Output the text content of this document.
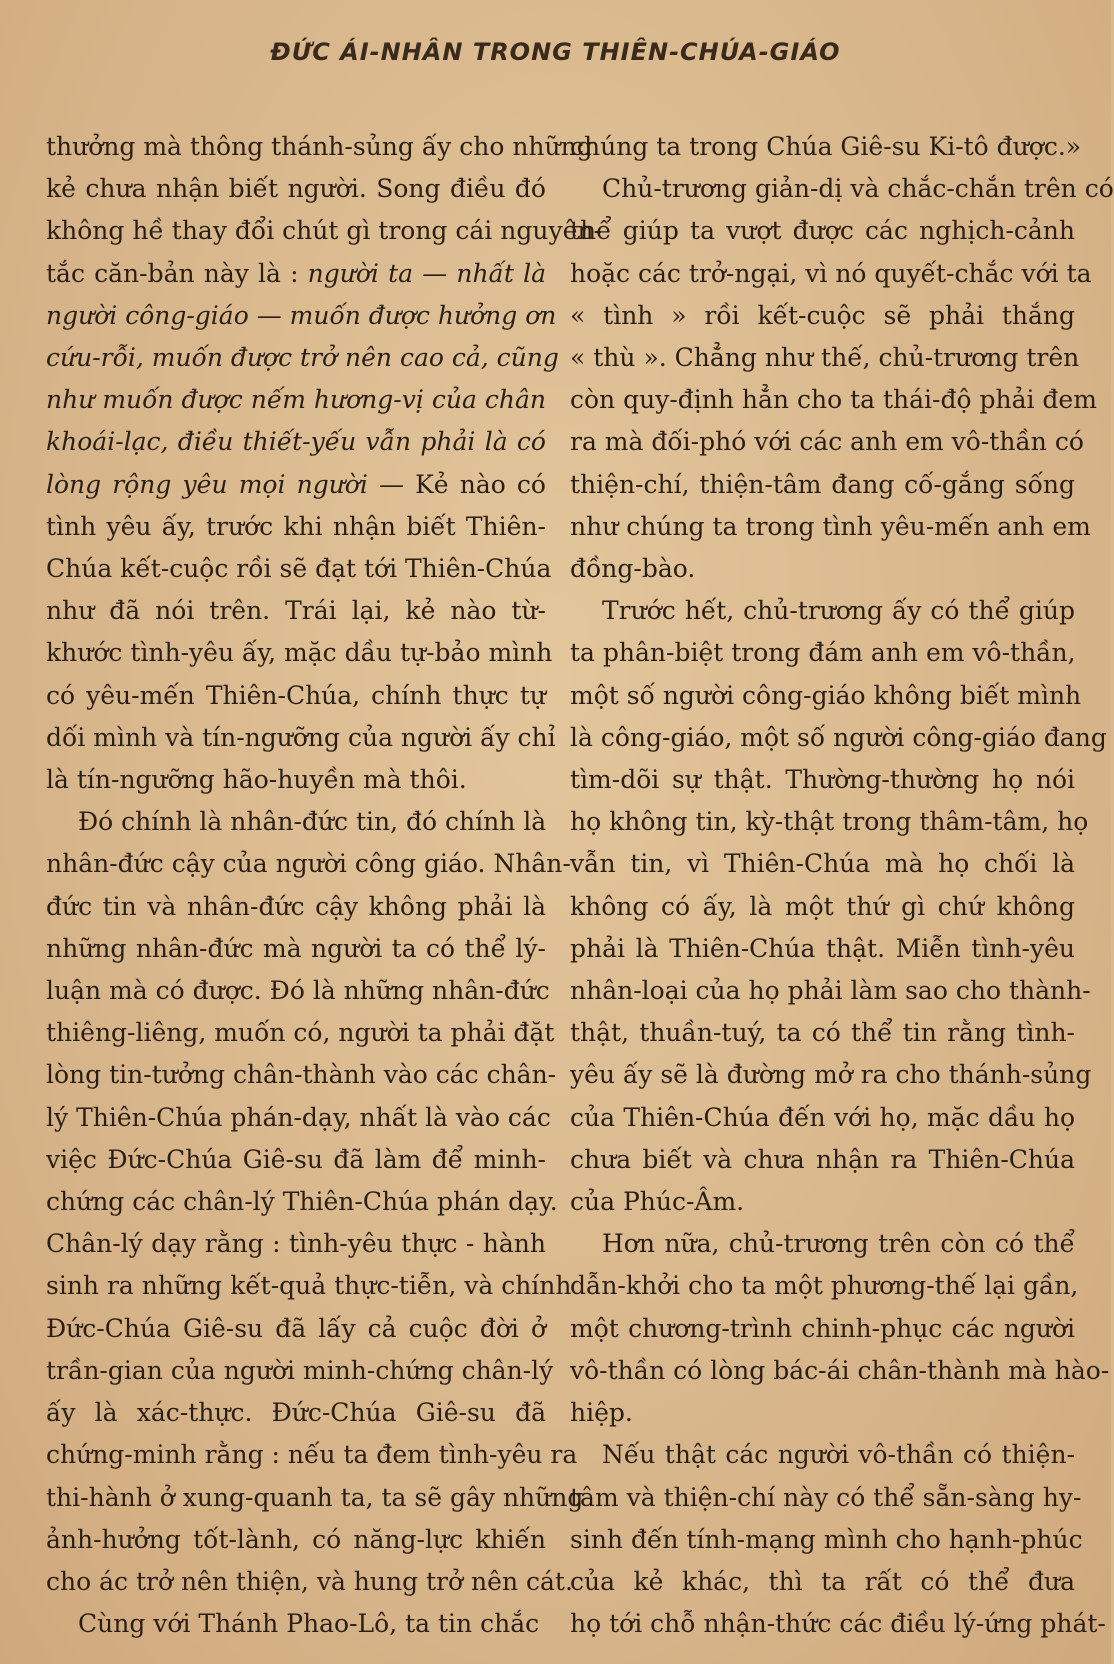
ĐỨC ÁI-NHÂN TRONG THIÊN-CHÚA-GIÁO
thưởng mà thông thánh-sủng ấy cho những
kẻ chưa nhận biết người. Song điều đó
không hề thay đổi chút gì trong cái nguyên-
tắc căn-bản này là : người ta — nhất là
người công-giáo — muốn được hưởng ơn
cứu-rỗi, muốn được trở nên cao cả, cũng
như muốn được nếm hương-vị của chân
khoái-lạc, điều thiết-yếu vẫn phải là có
lòng rộng yêu mọi người — Kẻ nào có
tình yêu ấy, trước khi nhận biết Thiên-
Chúa kết-cuộc rồi sẽ đạt tới Thiên-Chúa
như đã nói trên. Trái lại, kẻ nào từ-
khước tình-yêu ấy, mặc dầu tự-bảo mình
có yêu-mến Thiên-Chúa, chính thực tự
dối mình và tín-ngưỡng của người ấy chỉ
là tín-ngưỡng hão-huyền mà thôi.
Đó chính là nhân-đức tin, đó chính là
nhân-đức cậy của người công giáo. Nhân-
đức tin và nhân-đức cậy không phải là
những nhân-đức mà người ta có thể lý-
luận mà có được. Đó là những nhân-đức
thiêng-liêng, muốn có, người ta phải đặt
lòng tin-tưởng chân-thành vào các chân-
lý Thiên-Chúa phán-dạy, nhất là vào các
việc Đức-Chúa Giê-su đã làm để minh-
chứng các chân-lý Thiên-Chúa phán dạy.
Chân-lý dạy rằng : tình-yêu thực - hành
sinh ra những kết-quả thực-tiễn, và chính
Đức-Chúa Giê-su đã lấy cả cuộc đời ở
trần-gian của người minh-chứng chân-lý
ấy là xác-thực. Đức-Chúa Giê-su đã
chứng-minh rằng : nếu ta đem tình-yêu ra
thi-hành ở xung-quanh ta, ta sẽ gây những
ảnh-hưởng tốt-lành, có năng-lực khiến
cho ác trở nên thiện, và hung trở nên cát.
Cùng với Thánh Phao-Lô, ta tin chắc
chúng ta trong Chúa Giê-su Ki-tô được.»
Chủ-trương giản-dị và chắc-chắn trên có
thể giúp ta vượt được các nghịch-cảnh
hoặc các trở-ngại, vì nó quyết-chắc với ta
« tình » rồi kết-cuộc sẽ phải thắng
« thù ». Chẳng như thế, chủ-trương trên
còn quy-định hẳn cho ta thái-độ phải đem
ra mà đối-phó với các anh em vô-thần có
thiện-chí, thiện-tâm đang cố-gắng sống
như chúng ta trong tình yêu-mến anh em
đồng-bào.
Trước hết, chủ-trương ấy có thể giúp
ta phân-biệt trong đám anh em vô-thần,
một số người công-giáo không biết mình
là công-giáo, một số người công-giáo đang
tìm-dõi sự thật. Thường-thường họ nói
họ không tin, kỳ-thật trong thâm-tâm, họ
vẫn tin, vì Thiên-Chúa mà họ chối là
không có ấy, là một thứ gì chứ không
phải là Thiên-Chúa thật. Miễn tình-yêu
nhân-loại của họ phải làm sao cho thành-
thật, thuần-tuý, ta có thể tin rằng tình-
yêu ấy sẽ là đường mở ra cho thánh-sủng
của Thiên-Chúa đến với họ, mặc dầu họ
chưa biết và chưa nhận ra Thiên-Chúa
của Phúc-Âm.
Hơn nữa, chủ-trương trên còn có thể
dẫn-khởi cho ta một phương-thế lại gần,
một chương-trình chinh-phục các người
vô-thần có lòng bác-ái chân-thành mà hào-
hiệp.
Nếu thật các người vô-thần có thiện-
tâm và thiện-chí này có thể sẵn-sàng hy-
sinh đến tính-mạng mình cho hạnh-phúc
của kẻ khác, thì ta rất có thể đưa
họ tới chỗ nhận-thức các điều lý-ứng phát-
